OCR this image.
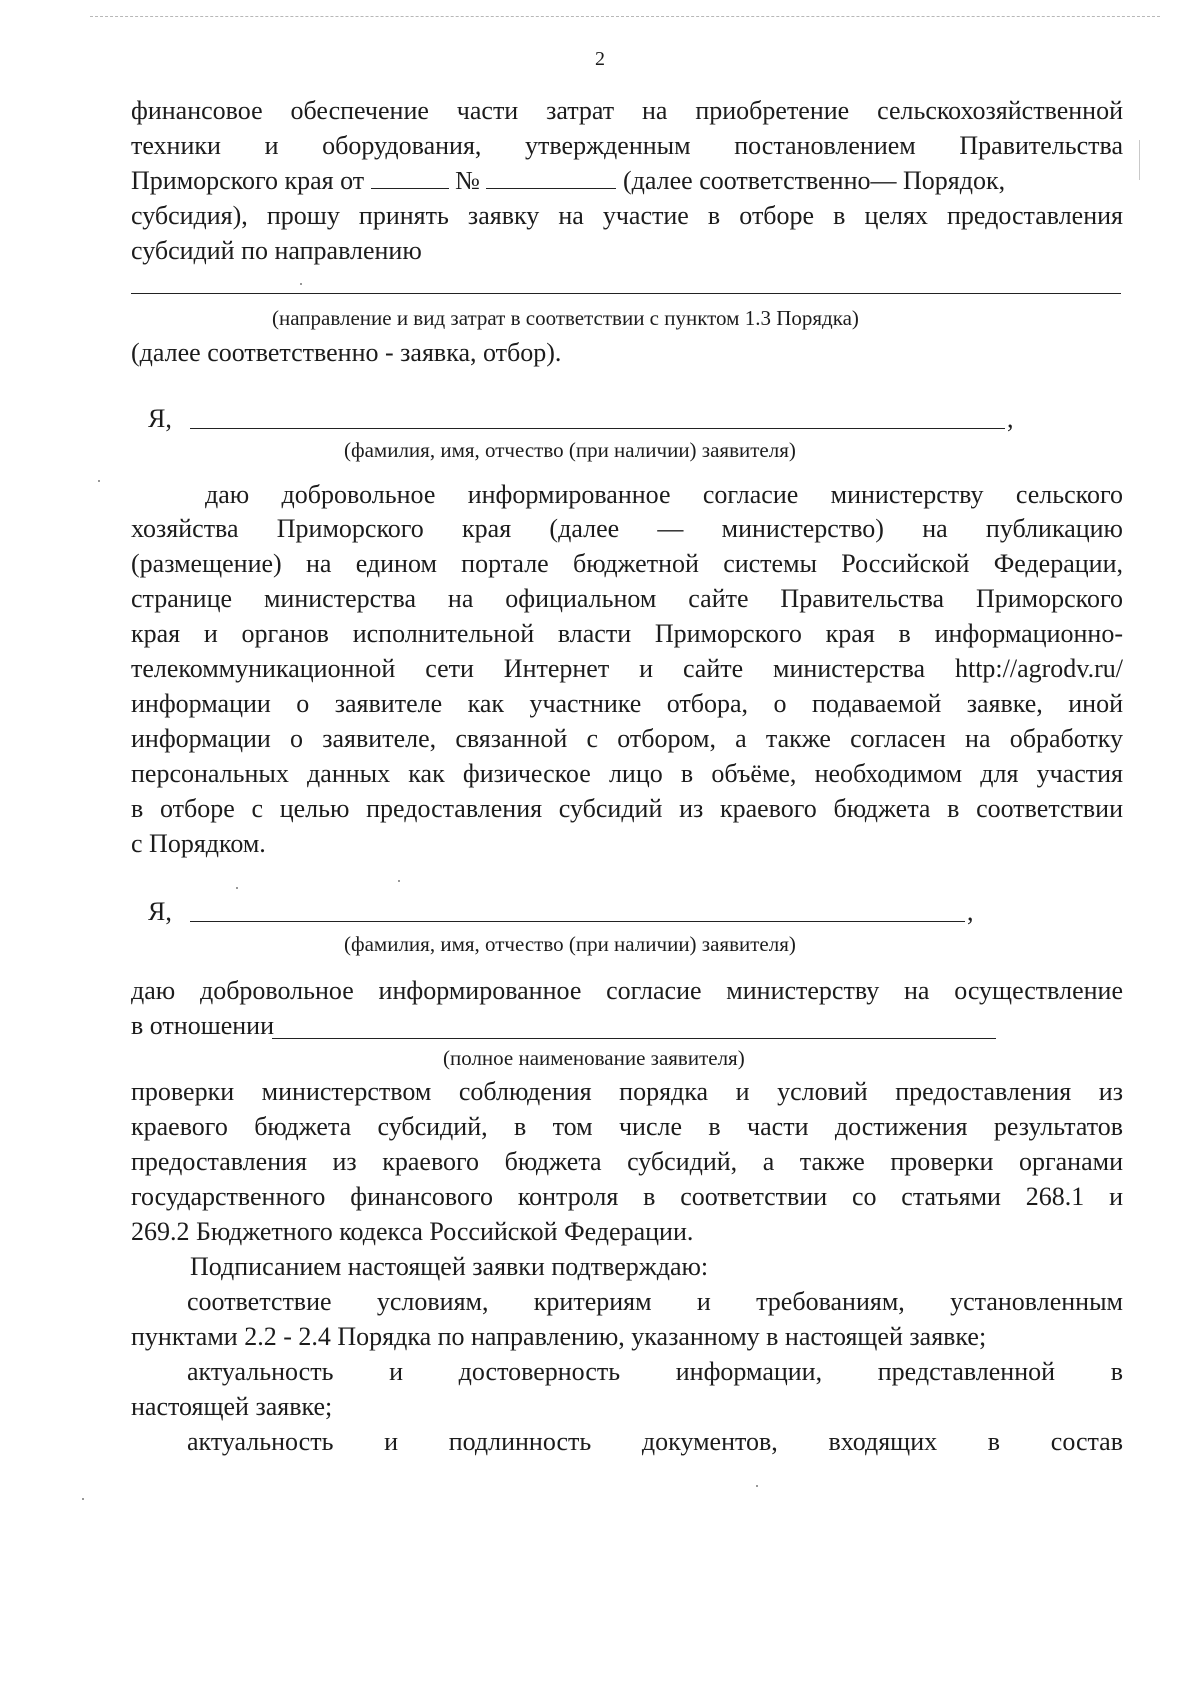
2
финансовое обеспечение части затрат на приобретение сельскохозяйственной
техники и оборудования, утвержденным постановлением Правительства
Приморского края от	№	(далее соответственно— Порядок,
субсидия), прошу принять заявку на участие в отборе в целях предоставления
субсидий по направлению
(направление и вид затрат в соответствии с пунктом 1.3 Порядка)
(далее соответственно - заявка, отбор).
Я,	,
(фамилия, имя, отчество (при наличии) заявителя)
даю добровольное информированное согласие министерству сельского
хозяйства Приморского края (далее — министерство) на публикацию
(размещение) на едином портале бюджетной системы Российской Федерации,
странице министерства на официальном сайте Правительства Приморского
края и органов исполнительной власти Приморского края в информационно-
телекоммуникационной сети Интернет и сайте министерства http://agrodv.ru/
информации о заявителе как участнике отбора, о подаваемой заявке, иной
информации о заявителе, связанной с отбором, а также согласен на обработку
персональных данных как физическое лицо в объёме, необходимом для участия
в отборе с целью предоставления субсидий из краевого бюджета в соответствии
с Порядком.
Я,	,
(фамилия, имя, отчество (при наличии) заявителя)
даю добровольное информированное согласие министерству на осуществление
в отношении
(полное наименование заявителя)
проверки министерством соблюдения порядка и условий предоставления из
краевого бюджета субсидий, в том числе в части достижения результатов
предоставления из краевого бюджета субсидий, а также проверки органами
государственного финансового контроля в соответствии со статьями 268.1 и
269.2 Бюджетного кодекса Российской Федерации.
Подписанием настоящей заявки подтверждаю:
соответствие условиям, критериям и требованиям, установленным
пунктами 2.2 - 2.4 Порядка по направлению, указанному в настоящей заявке;
актуальность и достоверность информации, представленной в
настоящей заявке;
актуальность и подлинность документов, входящих в состав
